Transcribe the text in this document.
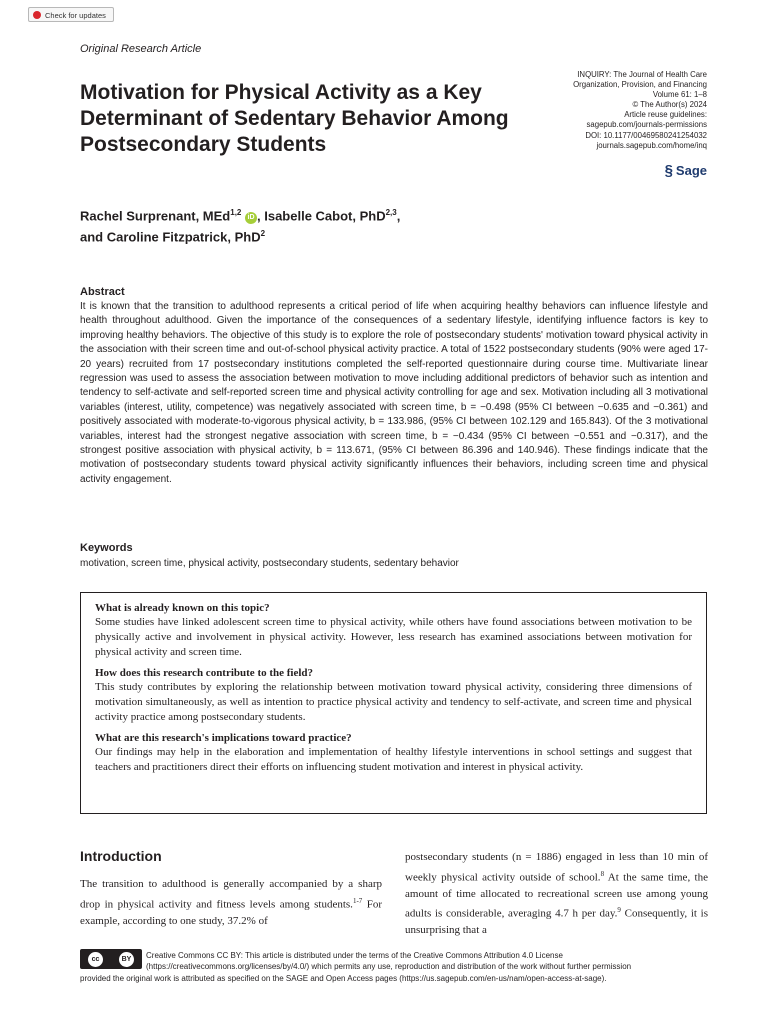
Check for updates
Original Research Article
Motivation for Physical Activity as a Key Determinant of Sedentary Behavior Among Postsecondary Students
INQUIRY: The Journal of Health Care
Organization, Provision, and Financing
Volume 61: 1–8
© The Author(s) 2024
Article reuse guidelines:
sagepub.com/journals-permissions
DOI: 10.1177/00469580241254032
journals.sagepub.com/home/inq
§ Sage
Rachel Surprenant, MEd$^{1,2}$ iD , Isabelle Cabot, PhD$^{2,3}$,
and Caroline Fitzpatrick, PhD$^2$
Abstract
It is known that the transition to adulthood represents a critical period of life when acquiring healthy behaviors can influence lifestyle and health throughout adulthood. Given the importance of the consequences of a sedentary lifestyle, identifying influence factors is key to improving healthy behaviors. The objective of this study is to explore the role of postsecondary students' motivation toward physical activity in the association with their screen time and out-of-school physical activity practice. A total of 1522 postsecondary students (90% were aged 17-20 years) recruited from 17 postsecondary institutions completed the self-reported questionnaire during course time. Multivariate linear regression was used to assess the association between motivation to move including additional predictors of behavior such as intention and tendency to self-activate and self-reported screen time and physical activity controlling for age and sex. Motivation including all 3 motivational variables (interest, utility, competence) was negatively associated with screen time, b = −0.498 (95% CI between −0.635 and −0.361) and positively associated with moderate-to-vigorous physical activity, b = 133.986, (95% CI between 102.129 and 165.843). Of the 3 motivational variables, interest had the strongest negative association with screen time, b = −0.434 (95% CI between −0.551 and −0.317), and the strongest positive association with physical activity, b = 113.671, (95% CI between 86.396 and 140.946). These findings indicate that the motivation of postsecondary students toward physical activity significantly influences their behaviors, including screen time and physical activity engagement.
Keywords
motivation, screen time, physical activity, postsecondary students, sedentary behavior

What is already known on this topic?

Some studies have linked adolescent screen time to physical activity, while others have found associations between motivation to be physically active and involvement in physical activity. However, less research has examined associations between motivation for physical activity and screen time.

How does this research contribute to the field?

This study contributes by exploring the relationship between motivation toward physical activity, considering three dimensions of motivation simultaneously, as well as intention to practice physical activity and tendency to self-activate, and screen time and physical activity practice among postsecondary students.

What are this research's implications toward practice?

Our findings may help in the elaboration and implementation of healthy lifestyle interventions in school settings and suggest that teachers and practitioners direct their efforts on influencing student motivation and interest in physical activity.

Introduction
The transition to adulthood is generally accompanied by a sharp drop in physical activity and fitness levels among students.$^{1-7}$ For example, according to one study, 37.2% of
postsecondary students (n = 1886) engaged in less than 10 min of weekly physical activity outside of school.$^8$ At the same time, the amount of time allocated to recreational screen use among young adults is considerable, averaging 4.7 h per day.$^9$ Consequently, it is unsurprising that a
cc	BY	Creative Commons CC BY: This article is distributed under the terms of the Creative Commons Attribution 4.0 License
(https://creativecommons.org/licenses/by/4.0/) which permits any use, reproduction and distribution of the work without further permission
provided the original work is attributed as specified on the SAGE and Open Access pages (https://us.sagepub.com/en-us/nam/open-access-at-sage).
